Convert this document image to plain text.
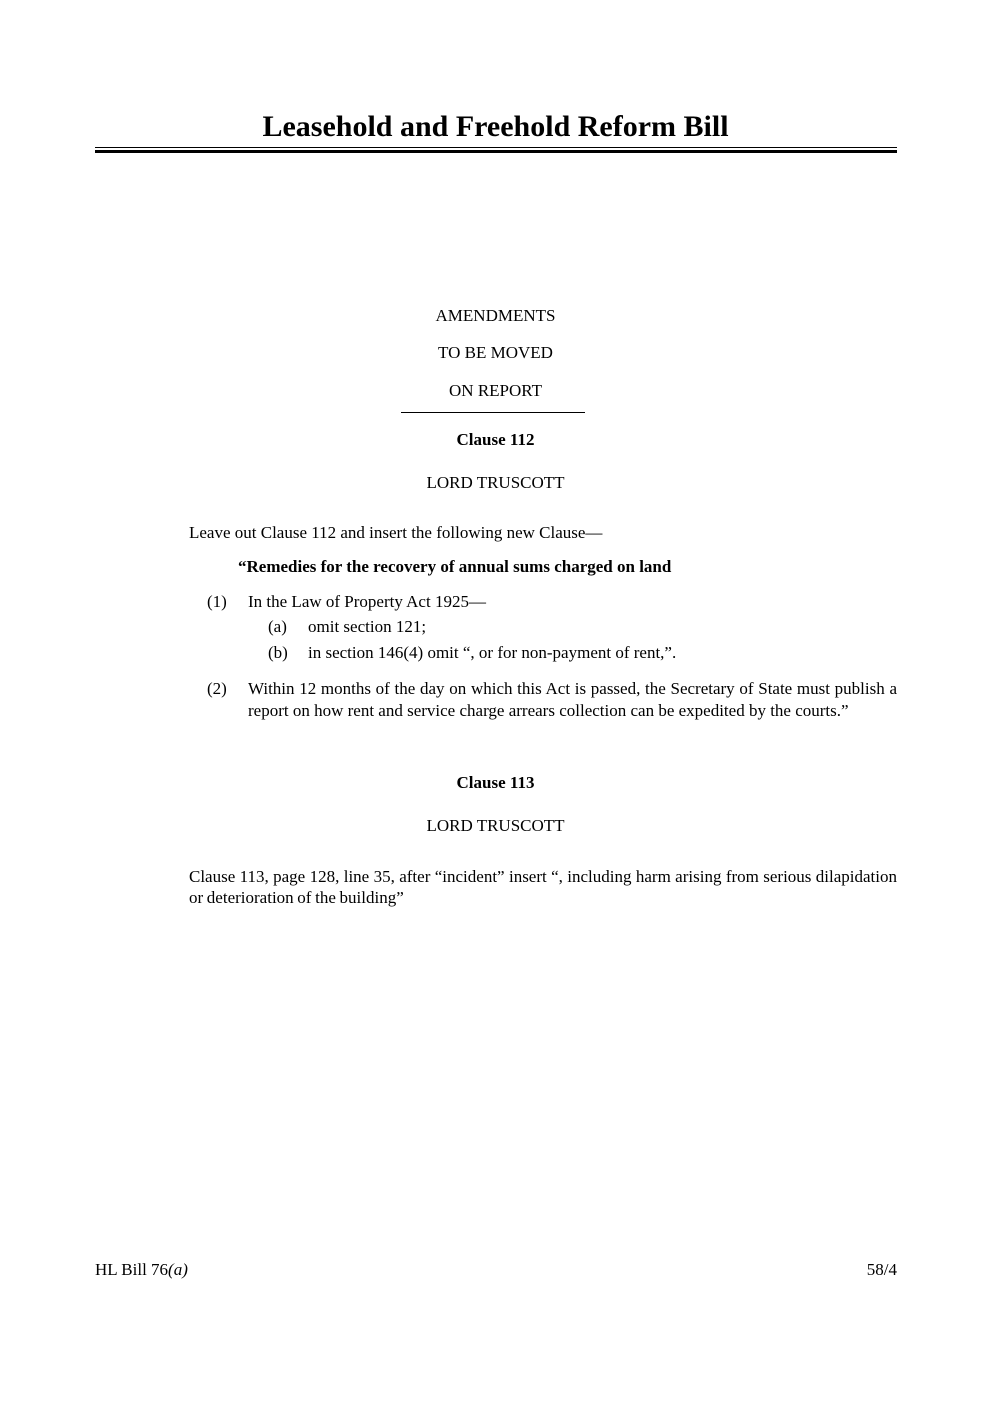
Leasehold and Freehold Reform Bill
AMENDMENTS
TO BE MOVED
ON REPORT
Clause 112
LORD TRUSCOTT
Leave out Clause 112 and insert the following new Clause—
“Remedies for the recovery of annual sums charged on land
(1) In the Law of Property Act 1925—
(a) omit section 121;
(b) in section 146(4) omit “, or for non-payment of rent,”.
(2) Within 12 months of the day on which this Act is passed, the Secretary of State must publish a report on how rent and service charge arrears collection can be expedited by the courts.”
Clause 113
LORD TRUSCOTT
Clause 113, page 128, line 35, after “incident” insert “, including harm arising from serious dilapidation or deterioration of the building”
HL Bill 76(a)	58/4
